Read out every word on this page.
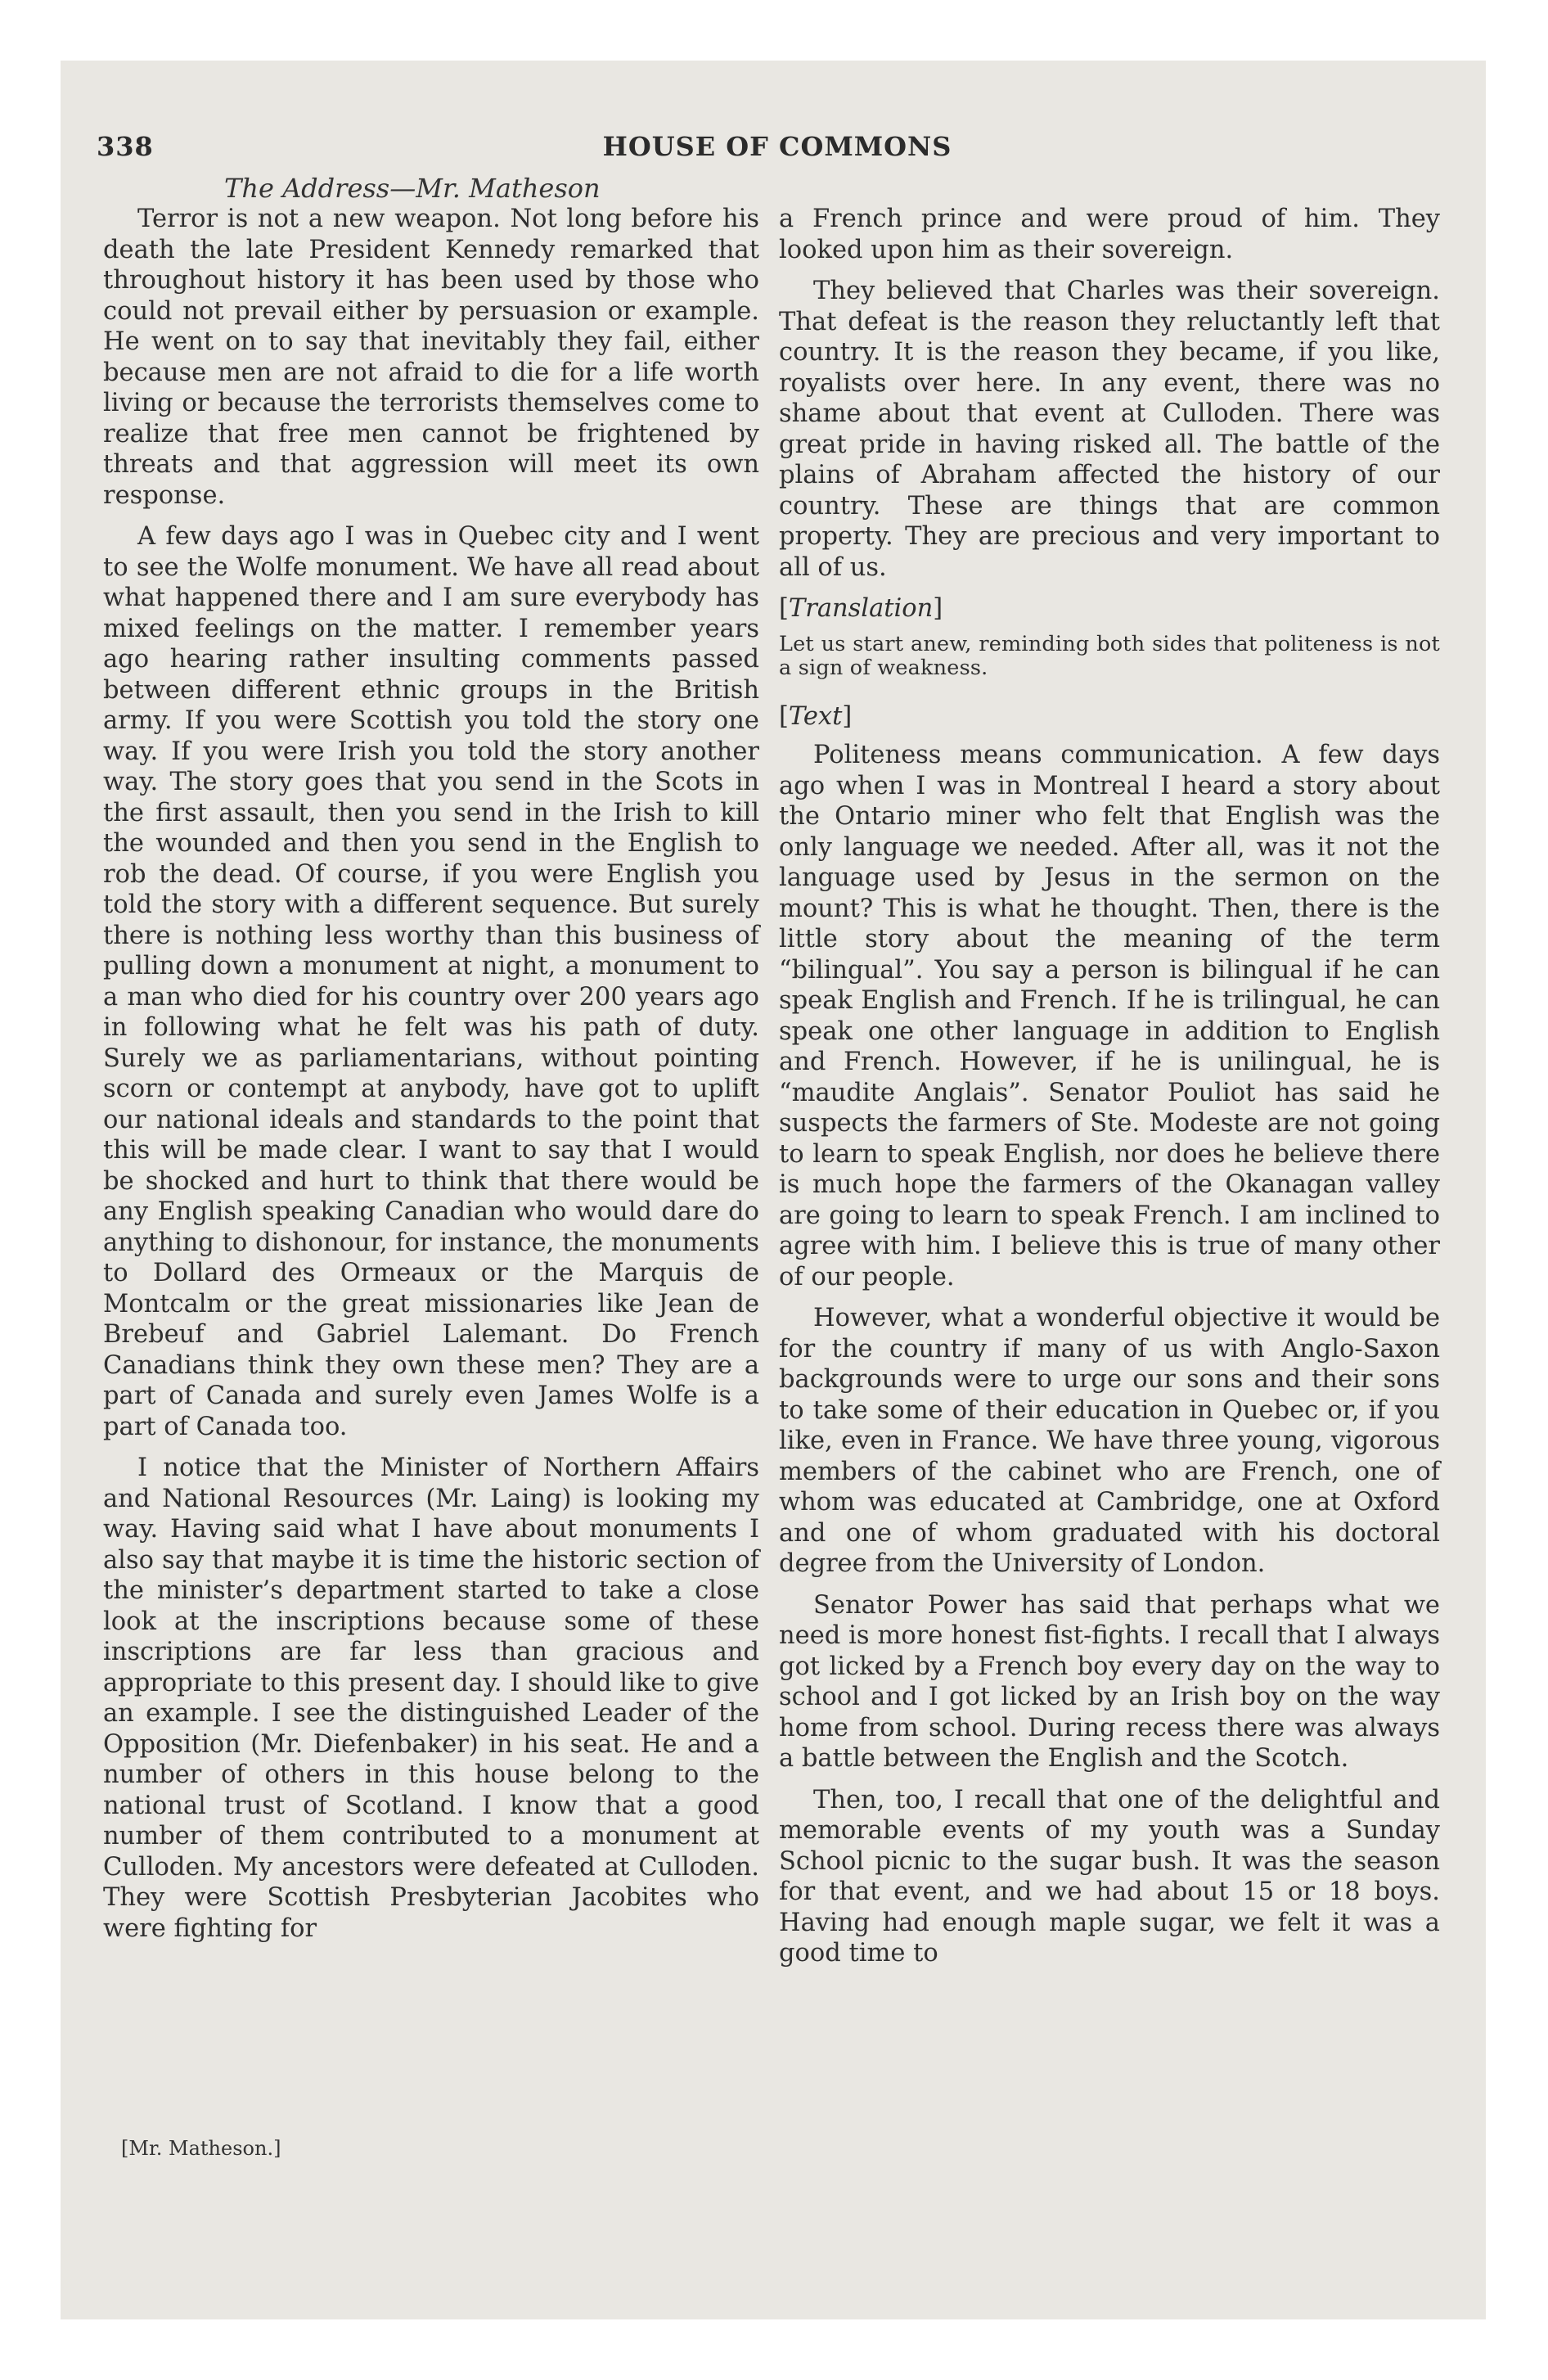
338	HOUSE OF COMMONS
The Address—Mr. Matheson

Terror is not a new weapon. Not long before his death the late President Kennedy remarked that throughout history it has been used by those who could not prevail either by persuasion or example. He went on to say that inevitably they fail, either because men are not afraid to die for a life worth living or because the terrorists themselves come to realize that free men cannot be frightened by threats and that aggression will meet its own response.

A few days ago I was in Quebec city and I went to see the Wolfe monument. We have all read about what happened there and I am sure everybody has mixed feelings on the matter. I remember years ago hearing rather insulting comments passed between different ethnic groups in the British army. If you were Scottish you told the story one way. If you were Irish you told the story another way. The story goes that you send in the Scots in the first assault, then you send in the Irish to kill the wounded and then you send in the English to rob the dead. Of course, if you were English you told the story with a different sequence. But surely there is nothing less worthy than this business of pulling down a monument at night, a monument to a man who died for his country over 200 years ago in following what he felt was his path of duty. Surely we as parliamentarians, without pointing scorn or contempt at anybody, have got to uplift our national ideals and standards to the point that this will be made clear. I want to say that I would be shocked and hurt to think that there would be any English speaking Canadian who would dare do anything to dishonour, for instance, the monuments to Dollard des Ormeaux or the Marquis de Montcalm or the great missionaries like Jean de Brebeuf and Gabriel Lalemant. Do French Canadians think they own these men? They are a part of Canada and surely even James Wolfe is a part of Canada too.

I notice that the Minister of Northern Affairs and National Resources (Mr. Laing) is looking my way. Having said what I have about monuments I also say that maybe it is time the historic section of the minister’s department started to take a close look at the inscriptions because some of these inscriptions are far less than gracious and appropriate to this present day. I should like to give an example. I see the distinguished Leader of the Opposition (Mr. Diefenbaker) in his seat. He and a number of others in this house belong to the national trust of Scotland. I know that a good number of them contributed to a monument at Culloden. My ancestors were defeated at Culloden. They were Scottish Presbyterian Jacobites who were fighting for

[Mr. Matheson.]

a French prince and were proud of him. They looked upon him as their sovereign.

They believed that Charles was their sovereign. That defeat is the reason they reluctantly left that country. It is the reason they became, if you like, royalists over here. In any event, there was no shame about that event at Culloden. There was great pride in having risked all. The battle of the plains of Abraham affected the history of our country. These are things that are common property. They are precious and very important to all of us.

[Translation]
Let us start anew, reminding both sides that politeness is not a sign of weakness.
[Text]

Politeness means communication. A few days ago when I was in Montreal I heard a story about the Ontario miner who felt that English was the only language we needed. After all, was it not the language used by Jesus in the sermon on the mount? This is what he thought. Then, there is the little story about the meaning of the term “bilingual”. You say a person is bilingual if he can speak English and French. If he is trilingual, he can speak one other language in addition to English and French. However, if he is unilingual, he is “maudite Anglais”. Senator Pouliot has said he suspects the farmers of Ste. Modeste are not going to learn to speak English, nor does he believe there is much hope the farmers of the Okanagan valley are going to learn to speak French. I am inclined to agree with him. I believe this is true of many other of our people.

However, what a wonderful objective it would be for the country if many of us with Anglo-Saxon backgrounds were to urge our sons and their sons to take some of their education in Quebec or, if you like, even in France. We have three young, vigorous members of the cabinet who are French, one of whom was educated at Cambridge, one at Oxford and one of whom graduated with his doctoral degree from the University of London.

Senator Power has said that perhaps what we need is more honest fist-fights. I recall that I always got licked by a French boy every day on the way to school and I got licked by an Irish boy on the way home from school. During recess there was always a battle between the English and the Scotch.

Then, too, I recall that one of the delightful and memorable events of my youth was a Sunday School picnic to the sugar bush. It was the season for that event, and we had about 15 or 18 boys. Having had enough maple sugar, we felt it was a good time to
